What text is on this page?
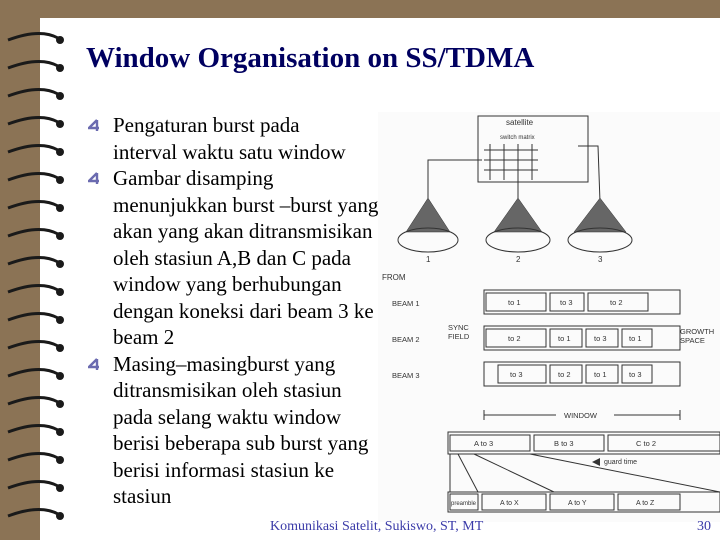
Window Organisation on SS/TDMA
Pengaturan burst pada
interval waktu satu window
Gambar disamping
menunjukkan burst –burst yang
akan yang akan ditransmisikan
oleh stasiun A,B dan C pada
window yang berhubungan
dengan koneksi dari beam 3 ke
beam 2
Masing–masingburst yang
ditransmisikan oleh stasiun
pada selang waktu window
berisi beberapa sub burst yang
berisi informasi stasiun ke
stasiun
satellite
switch matrix
1	2	3
FROM
BEAM 1
BEAM 2
BEAM 3
SYNC FIELD
GROWTH SPACE
to 1	to 3	to 2
to 2	to 1	to 3	to 1
to 3	to 2	to 1	to 3
WINDOW
A to 3	B to 3	C to 2
guard time
preamble	A to X	A to Y	A to Z
Komunikasi Satelit, Sukiswo, ST, MT	30
